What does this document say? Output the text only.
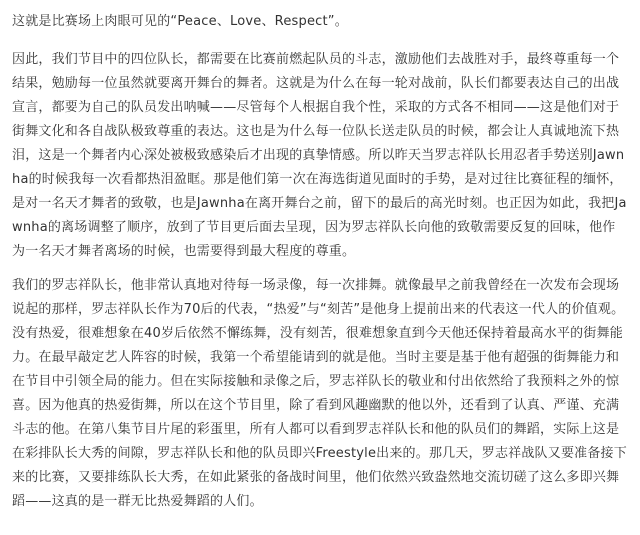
这就是比赛场上肉眼可见的“Peace、Love、Respect”。

因此，我们节目中的四位队长，都需要在比赛前燃起队员的斗志，激励他们去战胜对手，最终尊重每一个结果，勉励每一位虽然就要离开舞台的舞者。这就是为什么在每一轮对战前，队长们都要表达自己的出战宣言，都要为自己的队员发出呐喊——尽管每个人根据自我个性，采取的方式各不相同——这是他们对于街舞文化和各自战队极致尊重的表达。这也是为什么每一位队长送走队员的时候，都会让人真诚地流下热泪，这是一个舞者内心深处被极致感染后才出现的真挚情感。所以昨天当罗志祥队长用忍者手势送别Jawnha的时候我每一次看都热泪盈眶。那是他们第一次在海选街道见面时的手势，是对过往比赛征程的缅怀，是对一名天才舞者的致敬，也是Jawnha在离开舞台之前，留下的最后的高光时刻。也正因为如此，我把Jawnha的离场调整了顺序，放到了节目更后面去呈现，因为罗志祥队长向他的致敬需要反复的回味，他作为一名天才舞者离场的时候，也需要得到最大程度的尊重。

我们的罗志祥队长，他非常认真地对待每一场录像，每一次排舞。就像最早之前我曾经在一次发布会现场说起的那样，罗志祥队长作为70后的代表，“热爱”与“刻苦”是他身上提前出来的代表这一代人的价值观。没有热爱，很难想象在40岁后依然不懈练舞，没有刻苦，很难想象直到今天他还保持着最高水平的街舞能力。在最早敲定艺人阵容的时候，我第一个希望能请到的就是他。当时主要是基于他有超强的街舞能力和在节目中引领全局的能力。但在实际接触和录像之后，罗志祥队长的敬业和付出依然给了我预料之外的惊喜。因为他真的热爱街舞，所以在这个节目里，除了看到风趣幽默的他以外，还看到了认真、严谨、充满斗志的他。在第八集节目片尾的彩蛋里，所有人都可以看到罗志祥队长和他的队员们的舞蹈，实际上这是在彩排队长大秀的间隙，罗志祥队长和他的队员即兴Freestyle出来的。那几天，罗志祥战队又要准备接下来的比赛，又要排练队长大秀，在如此紧张的备战时间里，他们依然兴致盎然地交流切磋了这么多即兴舞蹈——这真的是一群无比热爱舞蹈的人们。
